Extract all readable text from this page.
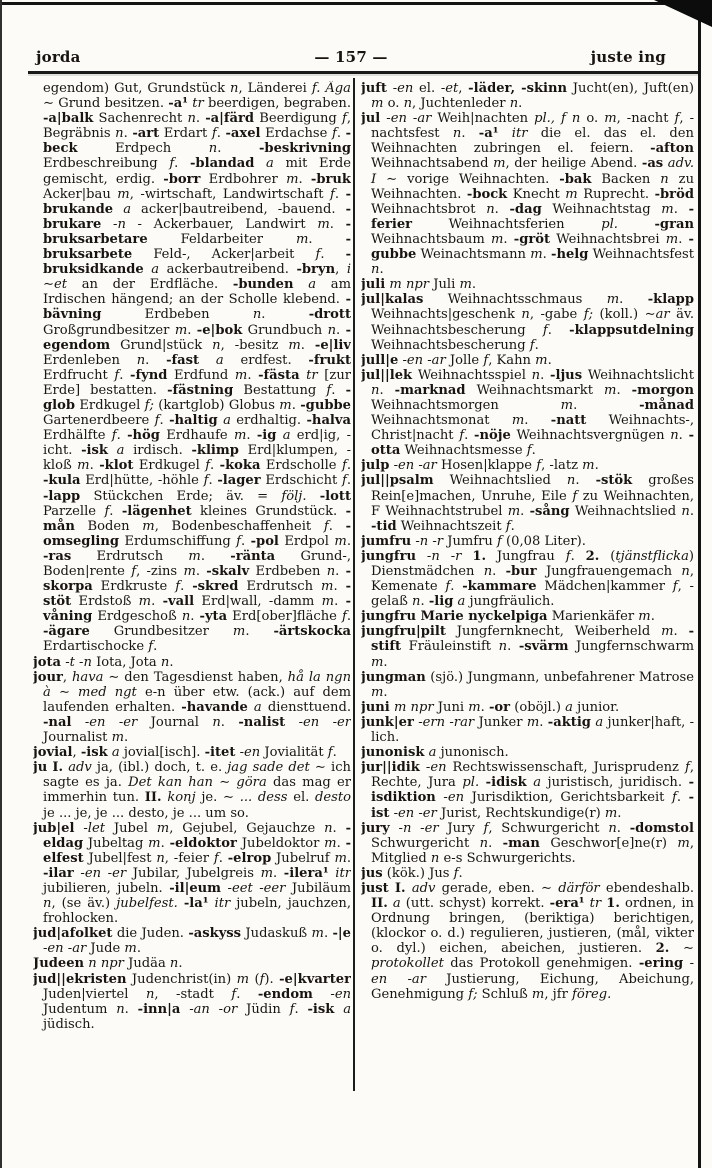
jorda	— 157 —	juste ing

egendom) Gut, Grundstück n, Länderei f. Äga ∼ Grund besitzen. -a¹ tr beerdigen, begraben. -a|balk Sachenrecht n. -a|färd Beerdigung f, Begräbnis n. -art Erdart f. -axel Erdachse f. -beck Erdpech n. -beskrivning Erdbeschreibung f. -blandad a mit Erde gemischt, erdig. -borr Erdbohrer m. -bruk Acker|bau m, -wirtschaft, Landwirtschaft f. -brukande a acker|bautreibend, -bauend. -brukare -n - Ackerbauer, Landwirt m. -bruksarbetare Feldarbeiter m. -bruksarbete Feld-, Acker|arbeit f. -bruksidkande a ackerbautreibend. -bryn, i ∼et an der Erdfläche. -bunden a am Irdischen hängend; an der Scholle klebend. -bävning Erdbeben n. -drott Großgrundbesitzer m. -e|bok Grundbuch n. -egendom Grund|stück n, -besitz m. -e|liv Erdenleben n. -fast a erdfest. -frukt Erdfrucht f. -fynd Erdfund m. -fästa tr [zur Erde] bestatten. -fästning Bestattung f. -glob Erdkugel f; (kartglob) Globus m. -gubbe Gartenerdbeere f. -haltig a erdhaltig. -halva Erdhälfte f. -hög Erdhaufe m. -ig a erd|ig, -icht. -isk a irdisch. -klimp Erd|klumpen, -kloß m. -klot Erdkugel f. -koka Erdscholle f. -kula Erd|hütte, -höhle f. -lager Erdschicht f. -lapp Stückchen Erde; äv. = följ. -lott Parzelle f. -lägenhet kleines Grundstück. -mån Boden m, Bodenbeschaffenheit f. -omsegling Erdumschiffung f. -pol Erdpol m. -ras Erdrutsch m. -ränta Grund-, Boden|rente f, -zins m. -skalv Erdbeben n. -skorpa Erdkruste f. -skred Erdrutsch m. -stöt Erdstoß m. -vall Erd|wall, -damm m. -våning Erdgeschoß n. -yta Erd[ober]fläche f. -ägare Grundbesitzer m. -ärtskocka Erdartischocke f.

jota -t -n Iota, Jota n.

jour, hava ∼ den Tagesdienst haben, hå la ngn à ∼ med ngt e-n über etw. (ack.) auf dem laufenden erhalten. -havande a diensttuend. -nal -en -er Journal n. -nalist -en -er Journalist m.

jovial, -isk a jovial[isch]. -itet -en Jovialität f.

ju I. adv ja, (ibl.) doch, t. e. jag sade det ∼ ich sagte es ja. Det kan han ∼ göra das mag er immerhin tun. II. konj je. ∼ ... dess el. desto je ... je, je ... desto, je ... um so.

jub|el -let Jubel m, Gejubel, Gejauchze n. -eldag Jubeltag m. -eldoktor Jubeldoktor m. -elfest Jubel|fest n, -feier f. -elrop Jubelruf m. -ilar -en -er Jubilar, Jubelgreis m. -ilera¹ itr jubilieren, jubeln. -il|eum -eet -eer Jubiläum n, (se äv.) jubelfest. -la¹ itr jubeln, jauchzen, frohlocken.

jud|afolket die Juden. -askyss Judaskuß m. -|e -en -ar Jude m.

Judeen n npr Judäa n.

jud||ekristen Judenchrist(in) m (f). -e|kvarter Juden|viertel n, -stadt f. -endom -en Judentum n. -inn|a -an -or Jüdin f. -isk a jüdisch.

juft -en el. -et, -läder, -skinn Jucht(en), Juft(en) m o. n, Juchtenleder n.

jul -en -ar Weih|nachten pl., f n o. m, -nacht f, -nachtsfest n. -a¹ itr die el. das el. den Weihnachten zubringen el. feiern. -afton Weihnachtsabend m, der heilige Abend. -as adv. I ∼ vorige Weihnachten. -bak Backen n zu Weihnachten. -bock Knecht m Ruprecht. -bröd Weihnachtsbrot n. -dag Weihnachtstag m. -ferier Weihnachtsferien pl.	-gran Weihnachtsbaum m. -gröt Weihnachtsbrei m. -gubbe Weinachtsmann m. -helg Weihnachtsfest n.

juli m npr Juli m.

jul|kalas Weihnachtsschmaus m. -klapp Weihnachts|geschenk n, -gabe f; (koll.) ∼ar äv. Weihnachtsbescherung f. -klappsutdelning Weihnachtsbescherung f.

jull|e -en -ar Jolle f, Kahn m.

jul||lek Weihnachtsspiel n. -ljus Weihnachtslicht n. -marknad Weihnachtsmarkt m. -morgon Weihnachtsmorgen m. -månad Weihnachtsmonat m. -natt Weihnachts-, Christ|nacht f. -nöje Weihnachtsvergnügen n. -otta Weihnachtsmesse f.

julp -en -ar Hosen|klappe f, -latz m.

jul||psalm Weihnachtslied n. -stök großes Rein[e]machen, Unruhe, Eile f zu Weihnachten, F Weihnachtstrubel m. -sång Weihnachtslied n. -tid Weihnachtszeit f.

jumfru -n -r Jumfru f (0,08 Liter).

jungfru -n -r 1. Jungfrau f. 2. (tjänstflicka) Dienstmädchen n. -bur Jungfrauengemach n, Kemenate f. -kammare Mädchen|kammer f, -gelaß n. -lig a jungfräulich.

jungfru Marie nyckelpiga Marienkäfer m.

jungfru|pilt Jungfernknecht, Weiberheld m. -stift Fräuleinstift n. -svärm Jungfernschwarm m.

jungman (sjö.) Jungmann, unbefahrener Matrose m.

juni m npr Juni m. -or (oböjl.) a junior.

junk|er -ern -rar Junker m. -aktig a junker|haft, -lich.

junonisk a junonisch.

jur||idik -en Rechtswissenschaft, Jurisprudenz f, Rechte, Jura pl. -idisk a juristisch, juridisch. -isdiktion -en Jurisdiktion, Gerichtsbarkeit f. -ist -en -er Jurist, Rechtskundige(r) m.

jury -n -er Jury f, Schwurgericht n. -domstol Schwurgericht n. -man Geschwor[e]ne(r) m, Mitglied n e-s Schwurgerichts.

jus (kök.) Jus f.

just I. adv gerade, eben. ∼ därför ebendeshalb. II. a (utt. schyst) korrekt. -era¹ tr 1. ordnen, in Ordnung bringen, (beriktiga) berichtigen, (klockor o. d.) regulieren, justieren, (mål, vikter o. dyl.) eichen, abeichen, justieren. 2. ∼ protokollet das Protokoll genehmigen. -ering -en -ar Justierung, Eichung, Abeichung, Genehmigung f; Schluß m, jfr föreg.
